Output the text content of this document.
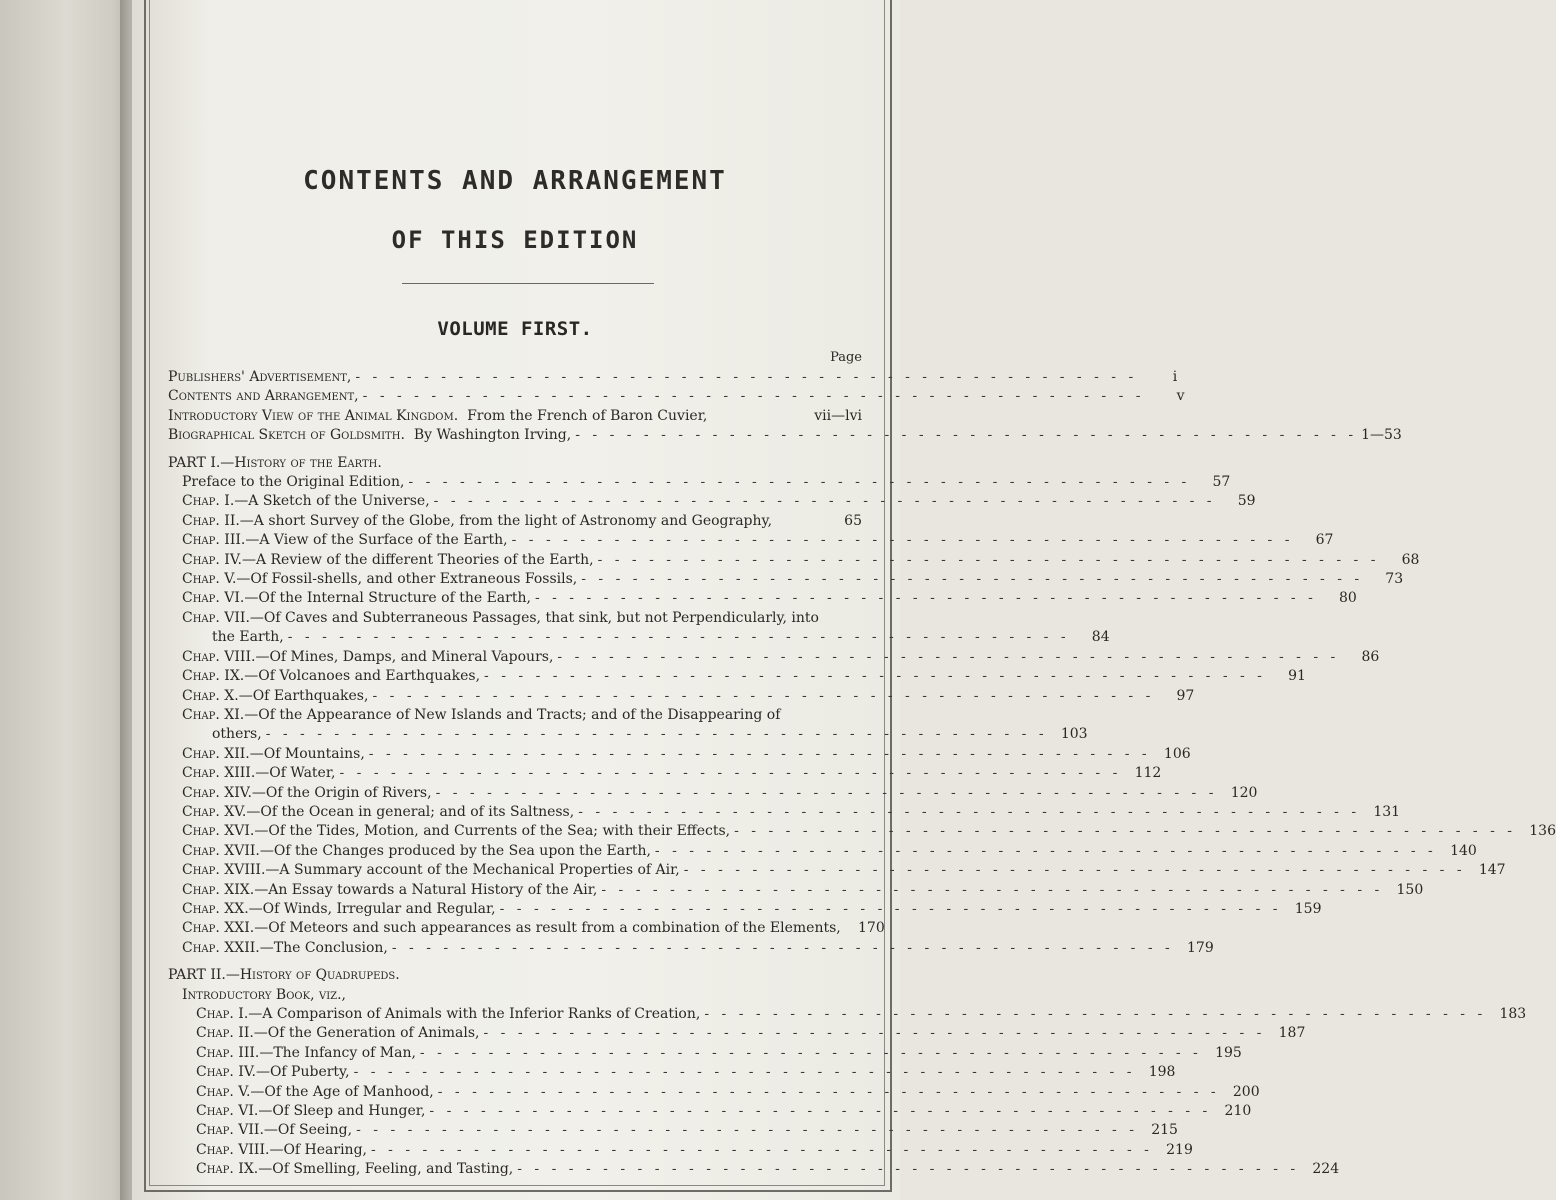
CONTENTS AND ARRANGEMENT
OF THIS EDITION
VOLUME FIRST.
Page
Publishers' Advertisement, - - - - - - - - - - - - - - - - - - - - - - - - - - - - - - - - - - - - - - - - - - - - - -	i
Contents and Arrangement, - - - - - - - - - - - - - - - - - - - - - - - - - - - - - - - - - - - - - - - - - - - - - -	v
Introductory View of the Animal Kingdom. From the French of Baron Cuvier,	vii—lvi
Biographical Sketch of Goldsmith. By Washington Irving, - - - - - - - - - - - - - - - - - - - - - - - - - - - - - - - - - - - - - - - - - - - - - - 1—53
PART I.—History of the Earth.
Preface to the Original Edition, - - - - - - - - - - - - - - - - - - - - - - - - - - - - - - - - - - - - - - - - - - - - - -	57
Chap. I.—A Sketch of the Universe, - - - - - - - - - - - - - - - - - - - - - - - - - - - - - - - - - - - - - - - - - - - - - -	59
Chap. II.—A short Survey of the Globe, from the light of Astronomy and Geography,	65
Chap. III.—A View of the Surface of the Earth, - - - - - - - - - - - - - - - - - - - - - - - - - - - - - - - - - - - - - - - - - - - - - -	67
Chap. IV.—A Review of the different Theories of the Earth, - - - - - - - - - - - - - - - - - - - - - - - - - - - - - - - - - - - - - - - - - - - - - -	68
Chap. V.—Of Fossil-shells, and other Extraneous Fossils, - - - - - - - - - - - - - - - - - - - - - - - - - - - - - - - - - - - - - - - - - - - - - -	73
Chap. VI.—Of the Internal Structure of the Earth, - - - - - - - - - - - - - - - - - - - - - - - - - - - - - - - - - - - - - - - - - - - - - -	80
Chap. VII.—Of Caves and Subterraneous Passages, that sink, but not Perpendicularly, into
the Earth, - - - - - - - - - - - - - - - - - - - - - - - - - - - - - - - - - - - - - - - - - - - - - -	84
Chap. VIII.—Of Mines, Damps, and Mineral Vapours, - - - - - - - - - - - - - - - - - - - - - - - - - - - - - - - - - - - - - - - - - - - - - -	86
Chap. IX.—Of Volcanoes and Earthquakes, - - - - - - - - - - - - - - - - - - - - - - - - - - - - - - - - - - - - - - - - - - - - - -	91
Chap. X.—Of Earthquakes, - - - - - - - - - - - - - - - - - - - - - - - - - - - - - - - - - - - - - - - - - - - - - -	97
Chap. XI.—Of the Appearance of New Islands and Tracts; and of the Disappearing of
others, - - - - - - - - - - - - - - - - - - - - - - - - - - - - - - - - - - - - - - - - - - - - - - 103
Chap. XII.—Of Mountains, - - - - - - - - - - - - - - - - - - - - - - - - - - - - - - - - - - - - - - - - - - - - - - 106
Chap. XIII.—Of Water, - - - - - - - - - - - - - - - - - - - - - - - - - - - - - - - - - - - - - - - - - - - - - - 112
Chap. XIV.—Of the Origin of Rivers, - - - - - - - - - - - - - - - - - - - - - - - - - - - - - - - - - - - - - - - - - - - - - - 120
Chap. XV.—Of the Ocean in general; and of its Saltness, - - - - - - - - - - - - - - - - - - - - - - - - - - - - - - - - - - - - - - - - - - - - - - 131
Chap. XVI.—Of the Tides, Motion, and Currents of the Sea; with their Effects, - - - - - - - - - - - - - - - - - - - - - - - - - - - - - - - - - - - - - - - - - - - - - - 136
Chap. XVII.—Of the Changes produced by the Sea upon the Earth, - - - - - - - - - - - - - - - - - - - - - - - - - - - - - - - - - - - - - - - - - - - - - - 140
Chap. XVIII.—A Summary account of the Mechanical Properties of Air, - - - - - - - - - - - - - - - - - - - - - - - - - - - - - - - - - - - - - - - - - - - - - - 147
Chap. XIX.—An Essay towards a Natural History of the Air, - - - - - - - - - - - - - - - - - - - - - - - - - - - - - - - - - - - - - - - - - - - - - - 150
Chap. XX.—Of Winds, Irregular and Regular, - - - - - - - - - - - - - - - - - - - - - - - - - - - - - - - - - - - - - - - - - - - - - - 159
Chap. XXI.—Of Meteors and such appearances as result from a combination of the Elements,	170
Chap. XXII.—The Conclusion, - - - - - - - - - - - - - - - - - - - - - - - - - - - - - - - - - - - - - - - - - - - - - - 179
PART II.—History of Quadrupeds.
Introductory Book, viz.,
Chap. I.—A Comparison of Animals with the Inferior Ranks of Creation, - - - - - - - - - - - - - - - - - - - - - - - - - - - - - - - - - - - - - - - - - - - - - - 183
Chap. II.—Of the Generation of Animals, - - - - - - - - - - - - - - - - - - - - - - - - - - - - - - - - - - - - - - - - - - - - - - 187
Chap. III.—The Infancy of Man, - - - - - - - - - - - - - - - - - - - - - - - - - - - - - - - - - - - - - - - - - - - - - - 195
Chap. IV.—Of Puberty, - - - - - - - - - - - - - - - - - - - - - - - - - - - - - - - - - - - - - - - - - - - - - - 198
Chap. V.—Of the Age of Manhood, - - - - - - - - - - - - - - - - - - - - - - - - - - - - - - - - - - - - - - - - - - - - - - 200
Chap. VI.—Of Sleep and Hunger, - - - - - - - - - - - - - - - - - - - - - - - - - - - - - - - - - - - - - - - - - - - - - - 210
Chap. VII.—Of Seeing, - - - - - - - - - - - - - - - - - - - - - - - - - - - - - - - - - - - - - - - - - - - - - - 215
Chap. VIII.—Of Hearing, - - - - - - - - - - - - - - - - - - - - - - - - - - - - - - - - - - - - - - - - - - - - - - 219
Chap. IX.—Of Smelling, Feeling, and Tasting, - - - - - - - - - - - - - - - - - - - - - - - - - - - - - - - - - - - - - - - - - - - - - - 224
